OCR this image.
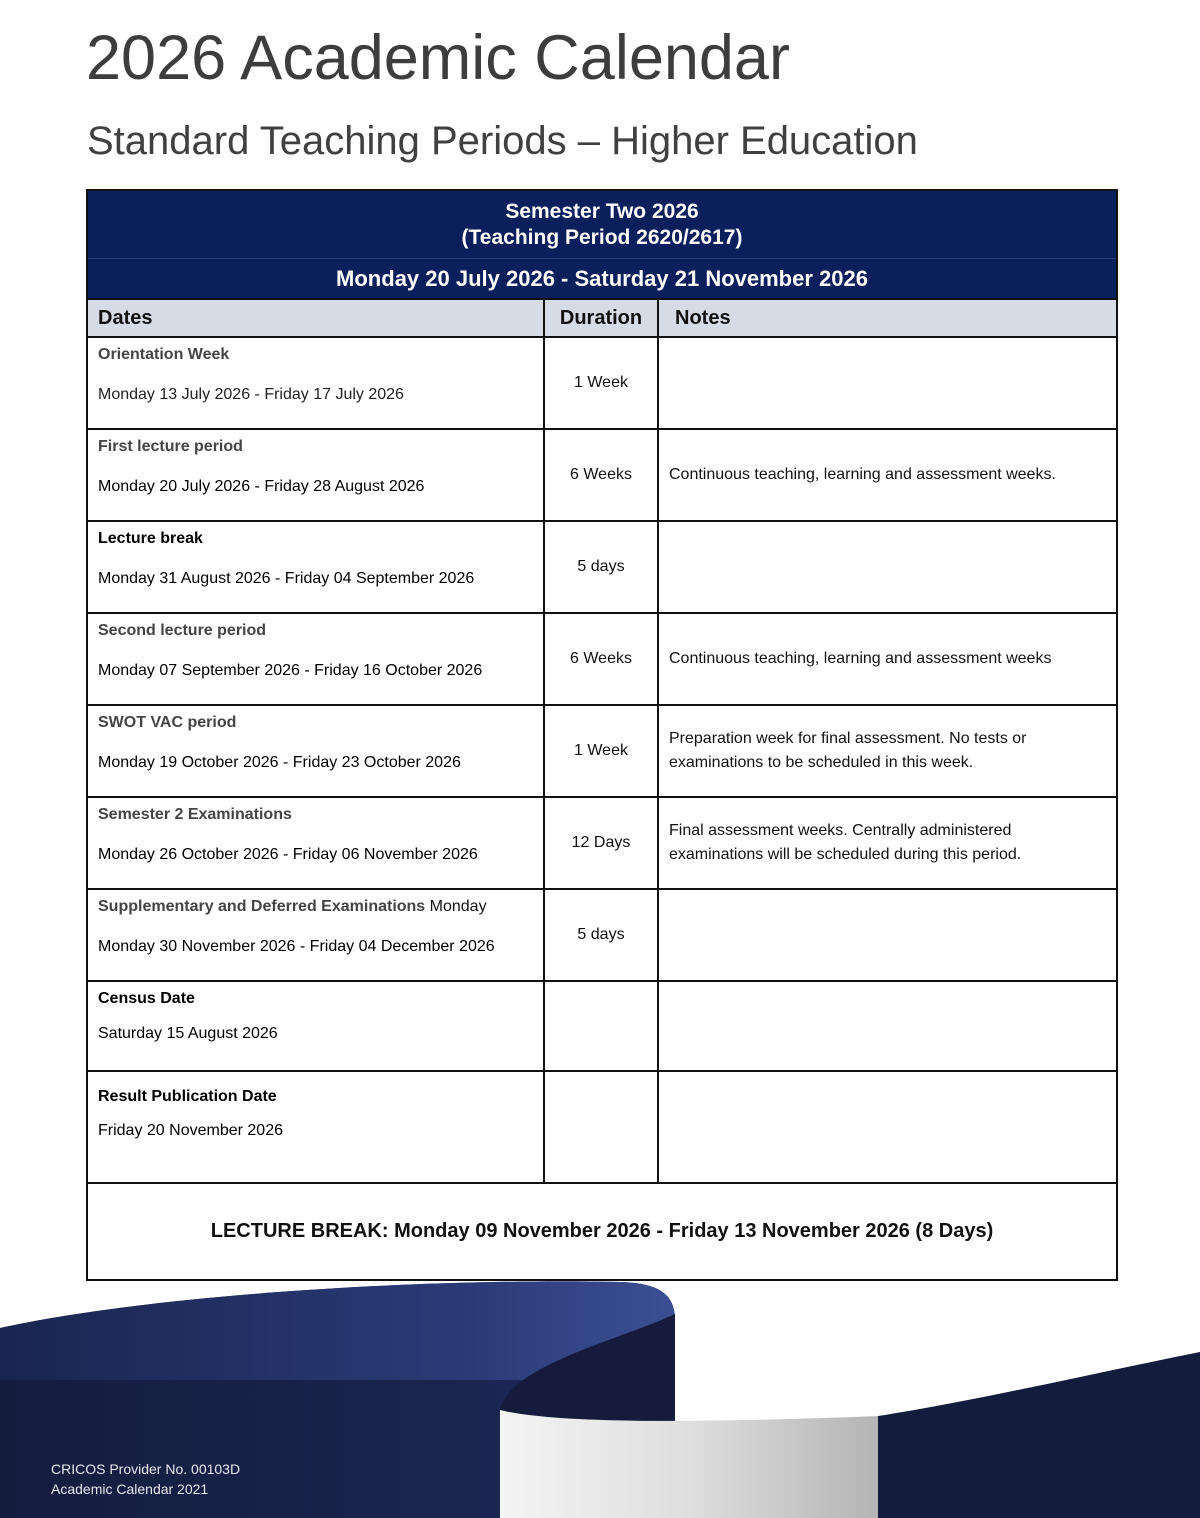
2026 Academic Calendar
Standard Teaching Periods – Higher Education
Semester Two 2026
(Teaching Period 2620/2617)		

Monday 20 July 2026 - Saturday 21 November 2026		
Dates	Duration	Notes

Orientation Week
Monday 13 July 2026 - Friday 17 July 2026	1 Week	

First lecture period
Monday 20 July 2026 - Friday 28 August 2026	6 Weeks	Continuous teaching, learning and assessment weeks.

Lecture break
Monday 31 August 2026 - Friday 04 September 2026	5 days	

Second lecture period
Monday 07 September 2026 - Friday 16 October 2026	6 Weeks	Continuous teaching, learning and assessment weeks

SWOT VAC period
Monday 19 October 2026 - Friday 23 October 2026	1 Week	Preparation week for final assessment. No tests or examinations to be scheduled in this week.

Semester 2 Examinations
Monday 26 October 2026 - Friday 06 November 2026	12 Days	Final assessment weeks. Centrally administered examinations will be scheduled during this period.

Supplementary and Deferred Examinations Monday
Monday 30 November 2026 - Friday 04 December 2026	5 days	

Census Date
Saturday 15 August 2026		

Result Publication Date
Friday 20 November 2026		

LECTURE BREAK: Monday 09 November 2026 - Friday 13 November 2026 (8 Days)		
CRICOS Provider No. 00103D
Academic Calendar 2021
